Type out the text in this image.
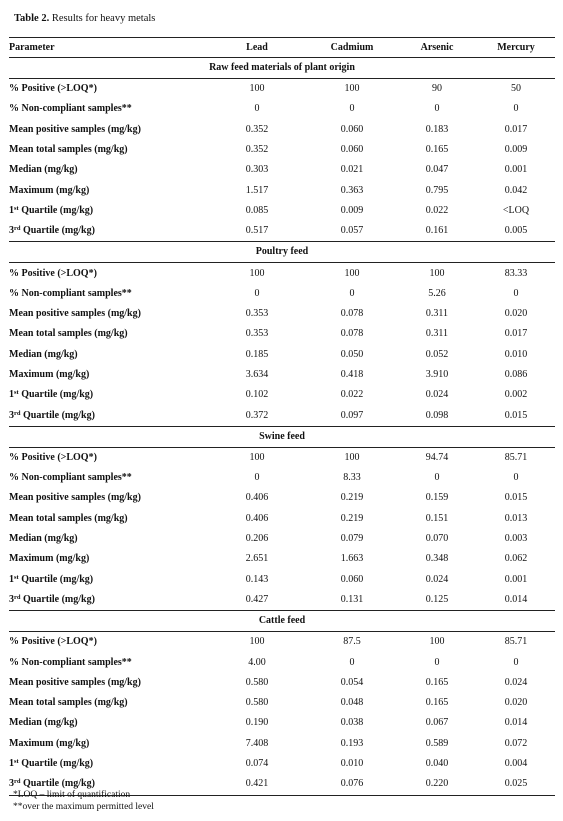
Table 2. Results for heavy metals
Parameter	Lead	Cadmium	Arsenic	Mercury
Raw feed materials of plant origin				
% Positive (>LOQ*)	100	100	90	50
% Non-compliant samples**	0	0	0	0
Mean positive samples (mg/kg)	0.352	0.060	0.183	0.017
Mean total samples (mg/kg)	0.352	0.060	0.165	0.009
Median (mg/kg)	0.303	0.021	0.047	0.001
Maximum (mg/kg)	1.517	0.363	0.795	0.042
1st Quartile (mg/kg)	0.085	0.009	0.022	<LOQ
3rd Quartile (mg/kg)	0.517	0.057	0.161	0.005
Poultry feed				
% Positive (>LOQ*)	100	100	100	83.33
% Non-compliant samples**	0	0	5.26	0
Mean positive samples (mg/kg)	0.353	0.078	0.311	0.020
Mean total samples (mg/kg)	0.353	0.078	0.311	0.017
Median (mg/kg)	0.185	0.050	0.052	0.010
Maximum (mg/kg)	3.634	0.418	3.910	0.086
1st Quartile (mg/kg)	0.102	0.022	0.024	0.002
3rd Quartile (mg/kg)	0.372	0.097	0.098	0.015
Swine feed				
% Positive (>LOQ*)	100	100	94.74	85.71
% Non-compliant samples**	0	8.33	0	0
Mean positive samples (mg/kg)	0.406	0.219	0.159	0.015
Mean total samples (mg/kg)	0.406	0.219	0.151	0.013
Median (mg/kg)	0.206	0.079	0.070	0.003
Maximum (mg/kg)	2.651	1.663	0.348	0.062
1st Quartile (mg/kg)	0.143	0.060	0.024	0.001
3rd Quartile (mg/kg)	0.427	0.131	0.125	0.014
Cattle feed				
% Positive (>LOQ*)	100	87.5	100	85.71
% Non-compliant samples**	4.00	0	0	0
Mean positive samples (mg/kg)	0.580	0.054	0.165	0.024
Mean total samples (mg/kg)	0.580	0.048	0.165	0.020
Median (mg/kg)	0.190	0.038	0.067	0.014
Maximum (mg/kg)	7.408	0.193	0.589	0.072
1st Quartile (mg/kg)	0.074	0.010	0.040	0.004
3rd Quartile (mg/kg)	0.421	0.076	0.220	0.025
*LOQ – limit of quantification
**over the maximum permitted level
